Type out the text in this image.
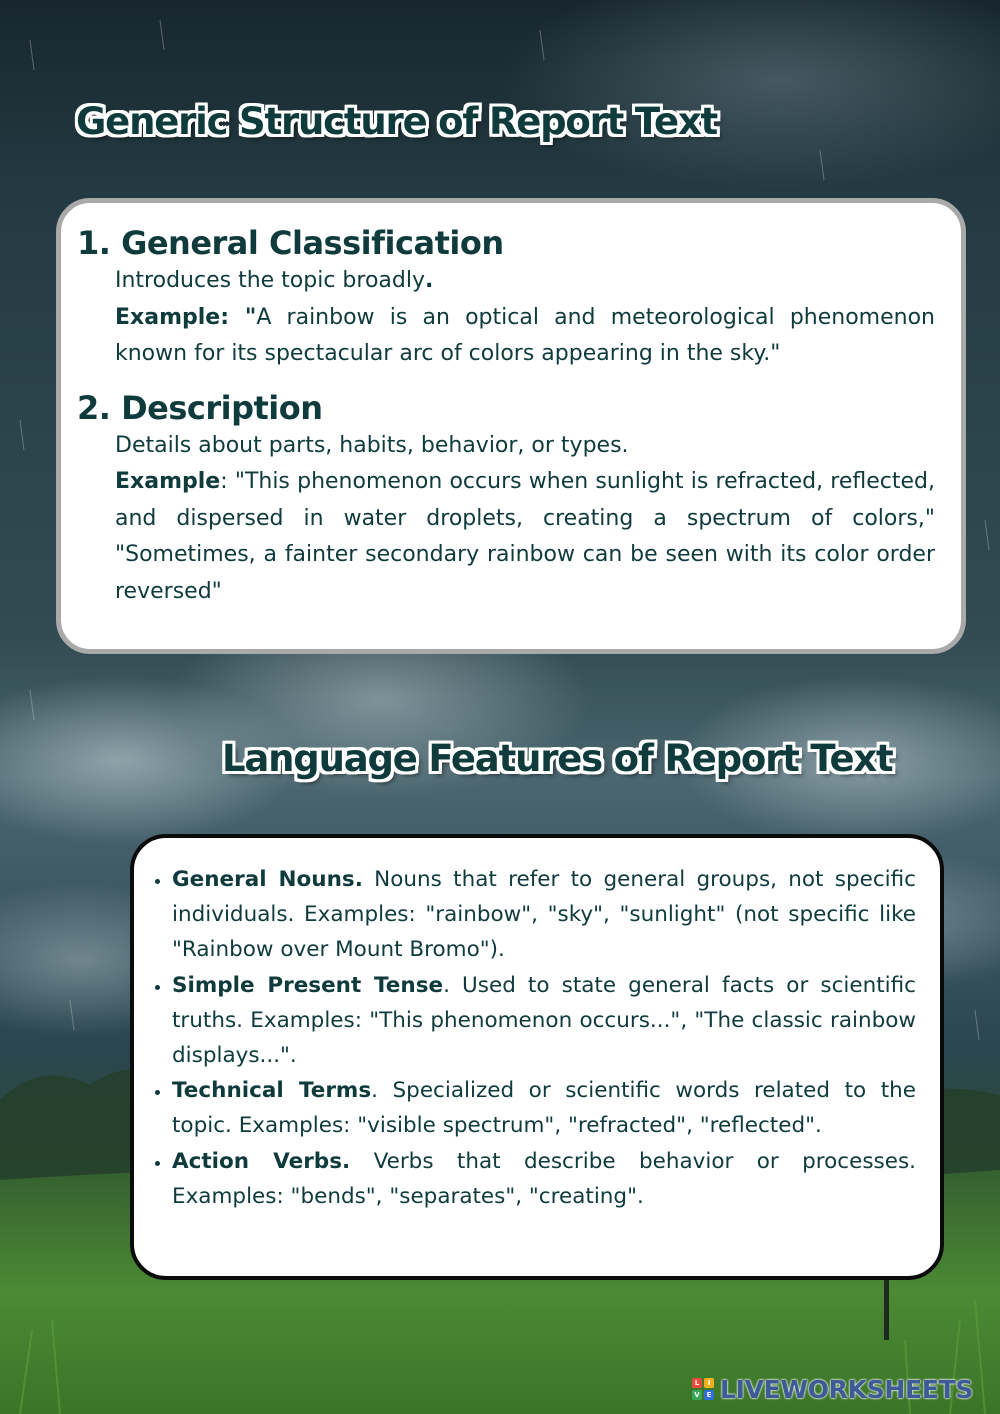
Generic Structure of Report Text
1. General Classification

Introduces the topic broadly.

Example: "A rainbow is an optical and meteorological phenomenon known for its spectacular arc of colors appearing in the sky."

2. Description

Details about parts, habits, behavior, or types.

Example: "This phenomenon occurs when sunlight is refracted, reflected, and dispersed in water droplets, creating a spectrum of colors," "Sometimes, a fainter secondary rainbow can be seen with its color order reversed"

Language Features of Report Text
• General Nouns. Nouns that refer to general groups, not specific individuals. Examples: "rainbow", "sky", "sunlight" (not specific like "Rainbow over Mount Bromo").
• Simple Present Tense. Used to state general facts or scientific truths. Examples: "This phenomenon occurs...", "The classic rainbow displays...".
• Technical Terms. Specialized or scientific words related to the topic. Examples: "visible spectrum", "refracted", "reflected".
• Action Verbs. Verbs that describe behavior or processes. Examples: "bends", "separates", "creating".
L	I
V E LIVEWORKSHEETS
